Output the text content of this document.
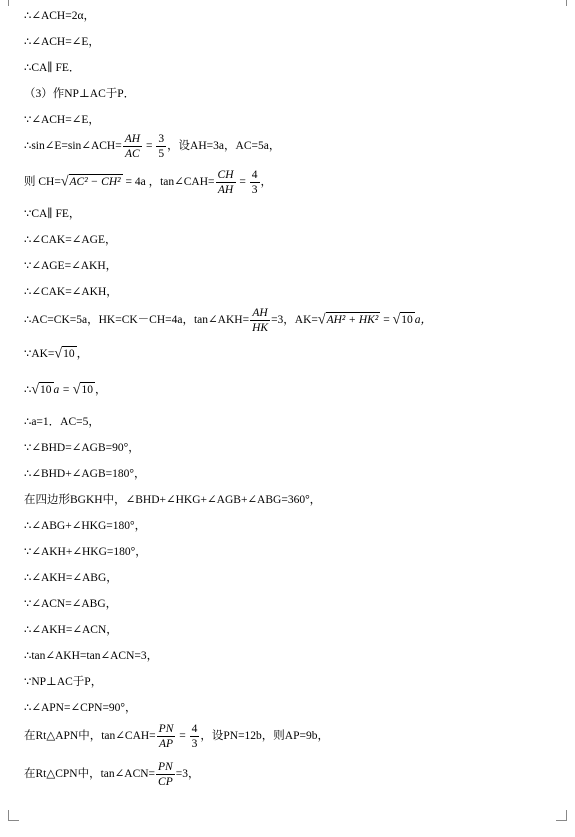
∴∠ACH=2α，
∴∠ACH=∠E，
∴CA∥ FE．
（3）作NP⊥AC于P．
∵∠ACH=∠E，
∴sin∠E=sin∠ACH= $\frac{AH}{AC} = \frac{3}{5}$ ，设AH=3a，AC=5a，
则 CH=√AC² − CH² = 4a ，tan∠CAH= $\frac{CH}{AH} = \frac{4}{3}$ ，
∵CA∥ FE，
∴∠CAK=∠AGE，
∵∠AGE=∠AKH，
∴∠CAK=∠AKH，
∴AC=CK=5a，HK=CK－CH=4a，tan∠AKH= $\frac{AH}{HK} =3$，AK=√AH² + HK² = √10 a，
∵AK=√10 ，
∴√10 a = √10 ，
∴a=1．AC=5，
∵∠BHD=∠AGB=90°，
∴∠BHD+∠AGB=180°，
在四边形BGKH中，∠BHD+∠HKG+∠AGB+∠ABG=360°，
∴∠ABG+∠HKG=180°，
∵∠AKH+∠HKG=180°，
∴∠AKH=∠ABG，
∵∠ACN=∠ABG，
∴∠AKH=∠ACN，
∴tan∠AKH=tan∠ACN=3，
∵NP⊥AC于P，
∴∠APN=∠CPN=90°，
在Rt△APN中，tan∠CAH= $\frac{PN}{AP} = \frac{4}{3}$ ，设PN=12b，则AP=9b，
在Rt△CPN中，tan∠ACN= $\frac{PN}{CP} =3$，
